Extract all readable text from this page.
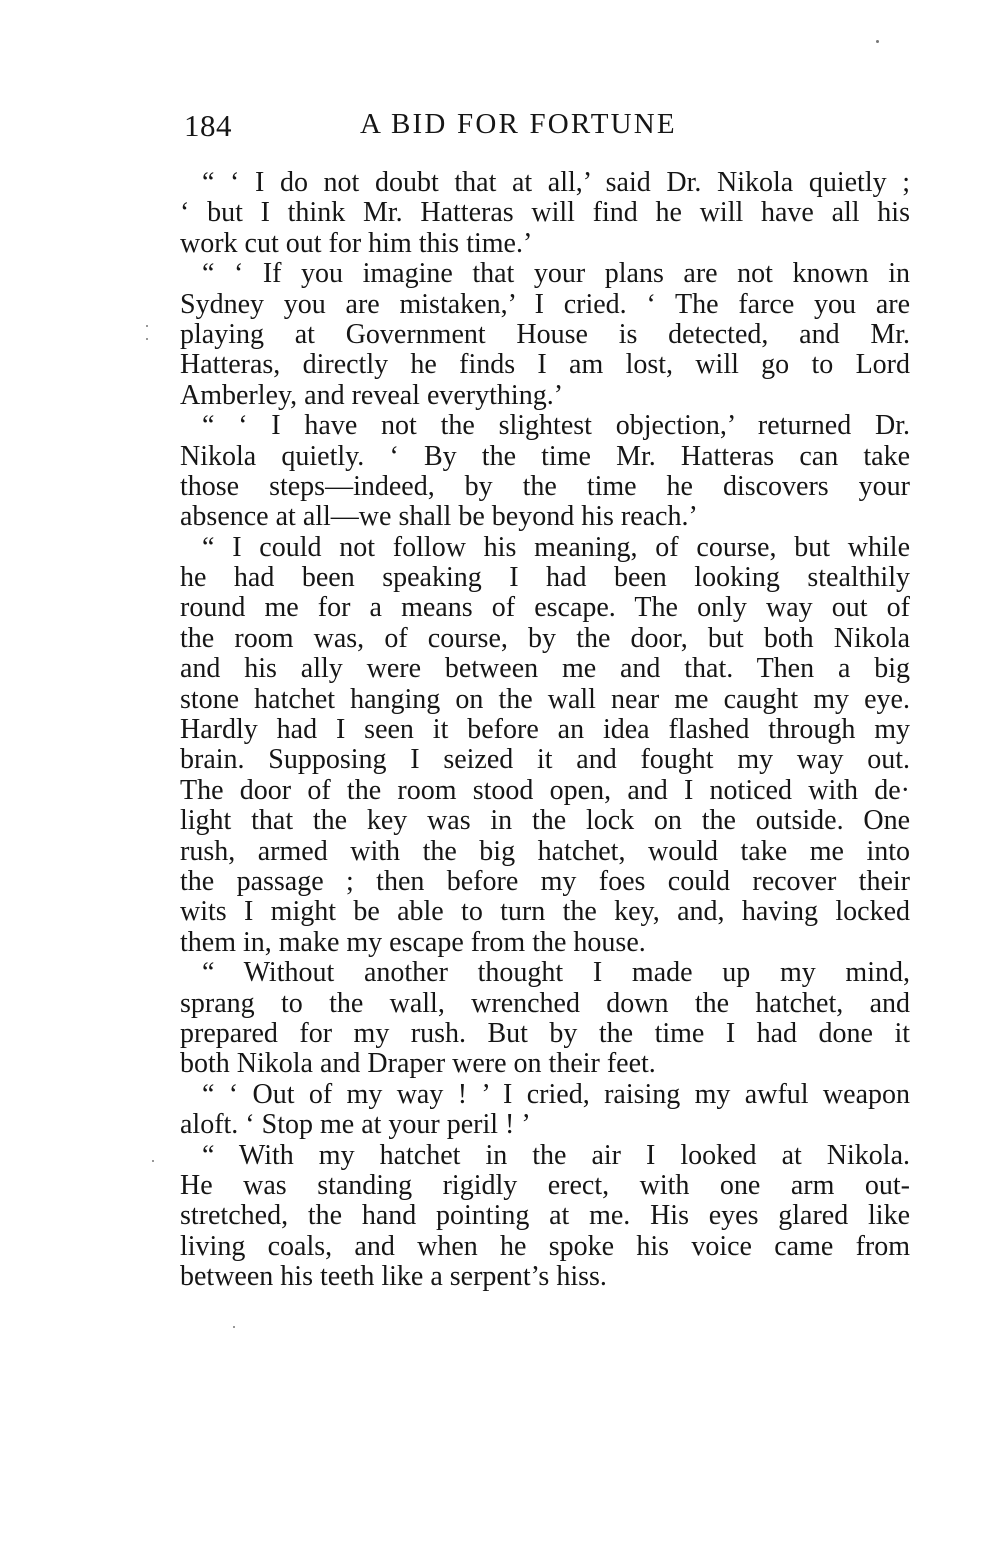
184	A BID FOR FORTUNE
“ ‘ I do not doubt that at all,’ said Dr. Nikola quietly ;
‘ but I think Mr. Hatteras will find he will have all his
work cut out for him this time.’
“ ‘ If you imagine that your plans are not known in
Sydney you are mistaken,’ I cried. ‘ The farce you are
playing at Government House is detected, and Mr.
Hatteras, directly he finds I am lost, will go to Lord
Amberley, and reveal everything.’
“ ‘ I have not the slightest objection,’ returned Dr.
Nikola quietly. ‘ By the time Mr. Hatteras can take
those steps—indeed, by the time he discovers your
absence at all—we shall be beyond his reach.’
“ I could not follow his meaning, of course, but while
he had been speaking I had been looking stealthily
round me for a means of escape. The only way out of
the room was, of course, by the door, but both Nikola
and his ally were between me and that. Then a big
stone hatchet hanging on the wall near me caught my eye.
Hardly had I seen it before an idea flashed through my
brain. Supposing I seized it and fought my way out.
The door of the room stood open, and I noticed with de·
light that the key was in the lock on the outside. One
rush, armed with the big hatchet, would take me into
the passage ; then before my foes could recover their
wits I might be able to turn the key, and, having locked
them in, make my escape from the house.
“ Without another thought I made up my mind,
sprang to the wall, wrenched down the hatchet, and
prepared for my rush. But by the time I had done it
both Nikola and Draper were on their feet.
“ ‘ Out of my way ! ’ I cried, raising my awful weapon
aloft. ‘ Stop me at your peril ! ’
“ With my hatchet in the air I looked at Nikola.
He was standing rigidly erect, with one arm out-
stretched, the hand pointing at me. His eyes glared like
living coals, and when he spoke his voice came from
between his teeth like a serpent’s hiss.
